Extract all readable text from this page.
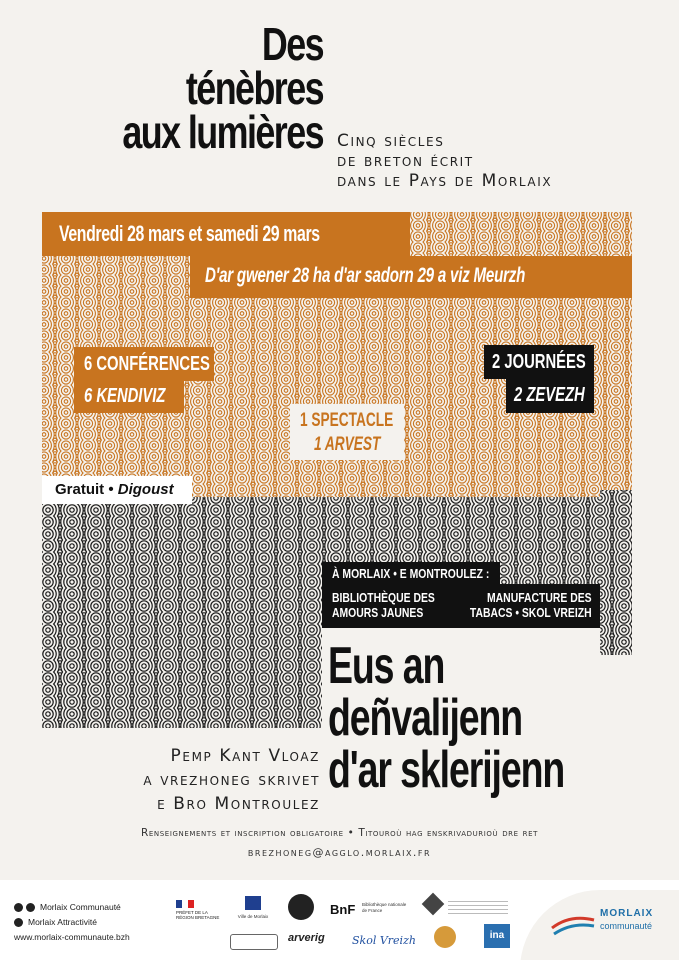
Des
ténèbres
aux lumières Cinq siècles
de breton écrit
dans le Pays de Morlaix
Vendredi 28 mars et samedi 29 mars
D'ar gwener 28 ha d'ar sadorn 29 a viz Meurzh
6 CONFÉRENCES
6 KENDIVIZ
2 JOURNÉES
2 ZEVEZH
1 SPECTACLE
1 ARVEST
Gratuit • Digoust
À MORLAIX • E MONTROULEZ :
BIBLIOTHÈQUE DES
AMOURS JAUNES
MANUFACTURE DES
TABACS • SKOL VREIZH
Eus an
deñvalijenn
d'ar sklerijenn
Pemp Kant Vloaz
a vrezhoneg skrivet
e Bro Montroulez
Renseignements et inscription obligatoire • Titouroù hag enskrivadurioù dre ret
brezhoneg@agglo.morlaix.fr
Morlaix Communauté
Morlaix Attractivité
www.morlaix-communaute.bzh
PRÉFET DE LA RÉGION BRETAGNE	Ville de Morlaix
arverig
BnF Bibliothèque nationale de France
Skol Vreizh	ina
MORLAIX
communauté
